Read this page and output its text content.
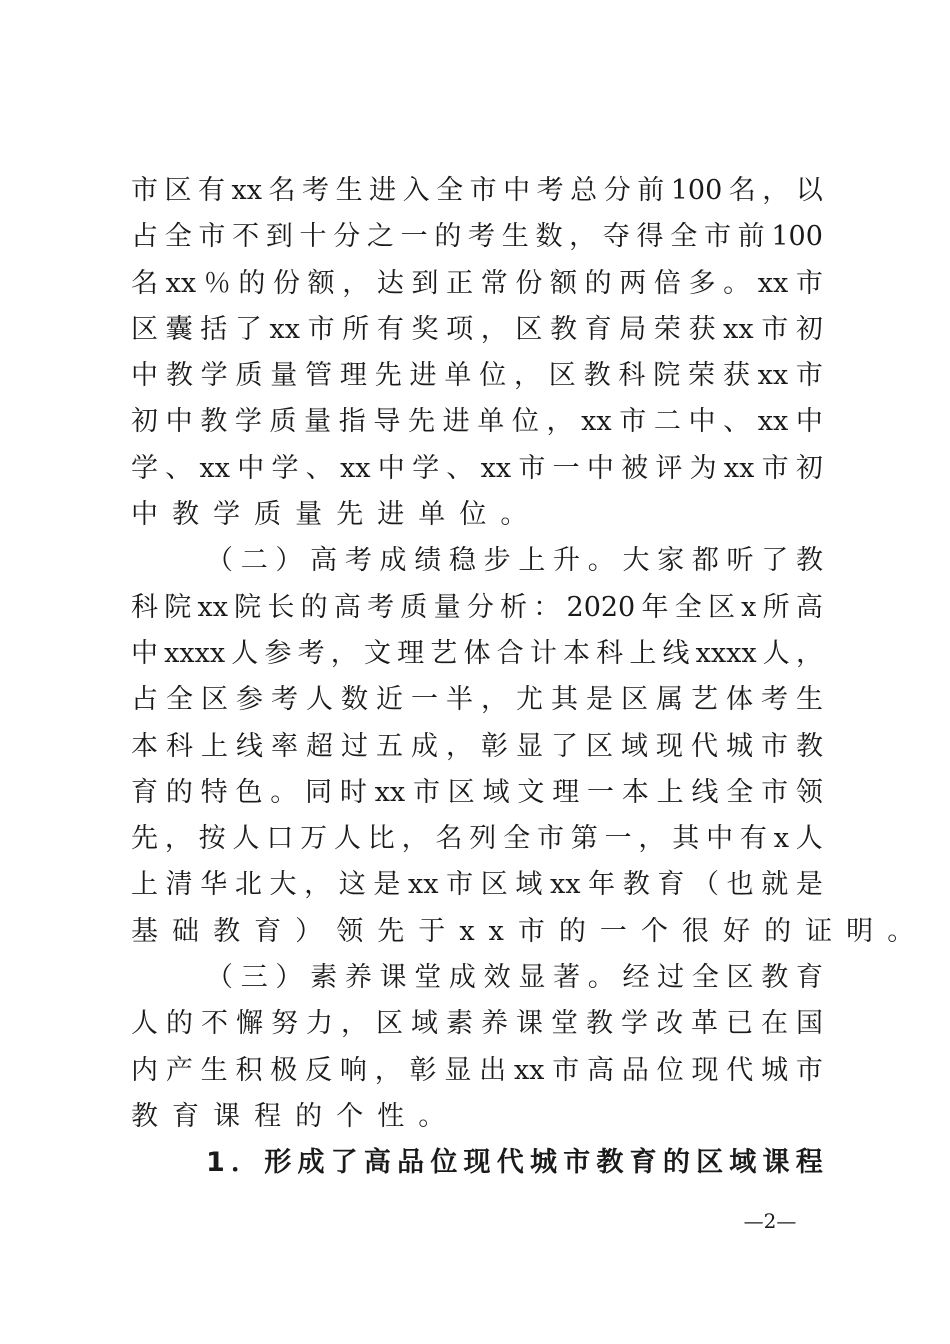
市 区 有 xx 名 考 生 进 入 全 市 中 考 总 分 前 100 名 ， 以
占 全 市 不 到 十 分 之 一 的 考 生 数 ， 夺 得 全 市 前 100
名 xx ％ 的 份 额 ， 达 到 正 常 份 额 的 两 倍 多 。 xx 市
区 囊 括 了 xx 市 所 有 奖 项 ， 区 教 育 局 荣 获 xx 市 初
中 教 学 质 量 管 理 先 进 单 位 ， 区 教 科 院 荣 获 xx 市
初 中 教 学 质 量 指 导 先 进 单 位 ， xx 市 二 中 、 xx 中
学 、 xx 中 学 、 xx 中 学 、 xx 市 一 中 被 评 为 xx 市 初
中教学质量先进单位。
（ 二 ） 高 考 成 绩 稳 步 上 升 。 大 家 都 听 了 教
科 院 xx 院 长 的 高 考 质 量 分 析 ： 2020 年 全 区 x 所 高
中 xxxx 人 参 考 ， 文 理 艺 体 合 计 本 科 上 线 xxxx 人 ，
占 全 区 参 考 人 数 近 一 半 ， 尤 其 是 区 属 艺 体 考 生
本 科 上 线 率 超 过 五 成 ， 彰 显 了 区 域 现 代 城 市 教
育 的 特 色 。 同 时 xx 市 区 域 文 理 一 本 上 线 全 市 领
先 ， 按 人 口 万 人 比 ， 名 列 全 市 第 一 ， 其 中 有 x 人
上 清 华 北 大 ， 这 是 xx 市 区 域 xx 年 教 育 （ 也 就 是
基础教育）领先于xx市的一个很好的证明。
（ 三 ） 素 养 课 堂 成 效 显 著 。 经 过 全 区 教 育
人 的 不 懈 努 力 ， 区 域 素 养 课 堂 教 学 改 革 已 在 国
内 产 生 积 极 反 响 ， 彰 显 出 xx 市 高 品 位 现 代 城 市
教育课程的个性。
1 ． 形 成 了 高 品 位 现 代 城 市 教 育 的 区 域 课 程
—2—
